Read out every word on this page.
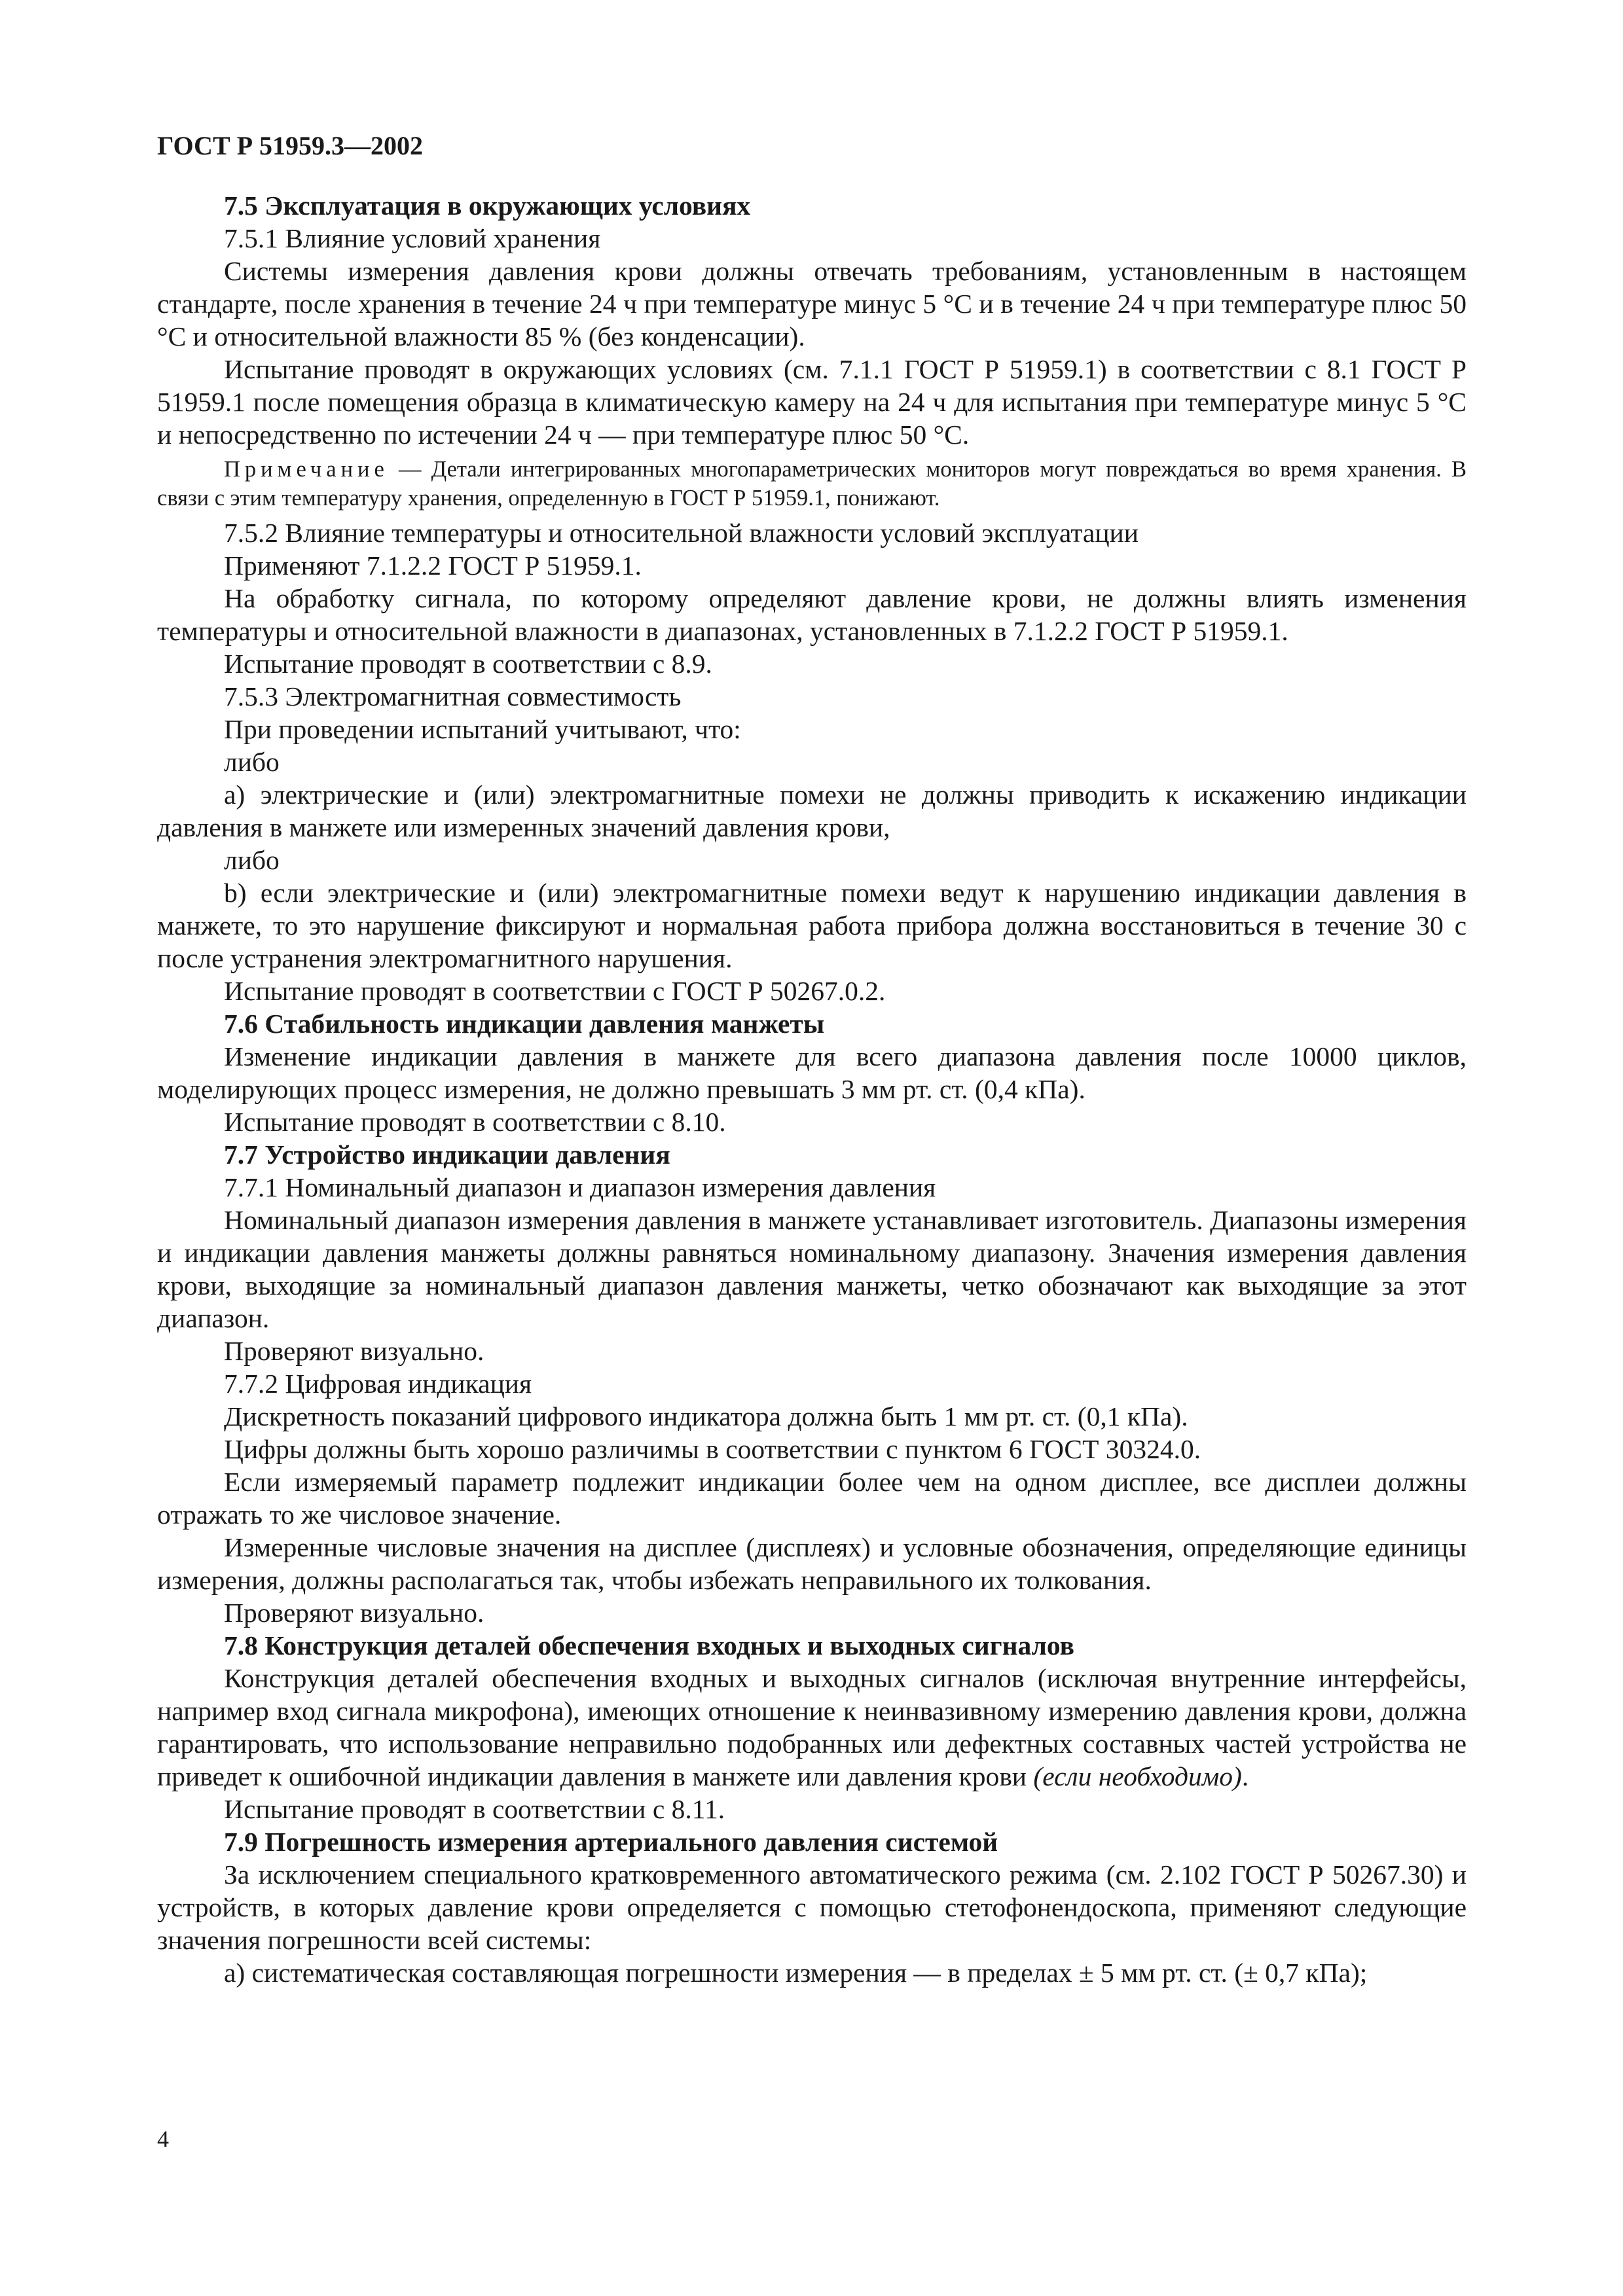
ГОСТ Р 51959.3—2002

7.5 Эксплуатация в окружающих условиях

7.5.1 Влияние условий хранения

Системы измерения давления крови должны отвечать требованиям, установленным в настоящем стандарте, после хранения в течение 24 ч при температуре минус 5 °С и в течение 24 ч при температуре плюс 50 °С и относительной влажности 85 % (без конденсации).

Испытание проводят в окружающих условиях (см. 7.1.1 ГОСТ Р 51959.1) в соответствии с 8.1 ГОСТ Р 51959.1 после помещения образца в климатическую камеру на 24 ч для испытания при температуре минус 5 °С и непосредственно по истечении 24 ч — при температуре плюс 50 °С.

Примечание — Детали интегрированных многопараметрических мониторов могут повреждаться во время хранения. В связи с этим температуру хранения, определенную в ГОСТ Р 51959.1, понижают.

7.5.2 Влияние температуры и относительной влажности условий эксплуатации

Применяют 7.1.2.2 ГОСТ Р 51959.1.

На обработку сигнала, по которому определяют давление крови, не должны влиять изменения температуры и относительной влажности в диапазонах, установленных в 7.1.2.2 ГОСТ Р 51959.1.

Испытание проводят в соответствии с 8.9.

7.5.3 Электромагнитная совместимость

При проведении испытаний учитывают, что:

либо

а) электрические и (или) электромагнитные помехи не должны приводить к искажению индикации давления в манжете или измеренных значений давления крови,

либо

b) если электрические и (или) электромагнитные помехи ведут к нарушению индикации давления в манжете, то это нарушение фиксируют и нормальная работа прибора должна восстановиться в течение 30 с после устранения электромагнитного нарушения.

Испытание проводят в соответствии с ГОСТ Р 50267.0.2.

7.6 Стабильность индикации давления манжеты

Изменение индикации давления в манжете для всего диапазона давления после 10000 циклов, моделирующих процесс измерения, не должно превышать 3 мм рт. ст. (0,4 кПа).

Испытание проводят в соответствии с 8.10.

7.7 Устройство индикации давления

7.7.1 Номинальный диапазон и диапазон измерения давления

Номинальный диапазон измерения давления в манжете устанавливает изготовитель. Диапазоны измерения и индикации давления манжеты должны равняться номинальному диапазону. Значения измерения давления крови, выходящие за номинальный диапазон давления манжеты, четко обозначают как выходящие за этот диапазон.

Проверяют визуально.

7.7.2 Цифровая индикация

Дискретность показаний цифрового индикатора должна быть 1 мм рт. ст. (0,1 кПа).

Цифры должны быть хорошо различимы в соответствии с пунктом 6 ГОСТ 30324.0.

Если измеряемый параметр подлежит индикации более чем на одном дисплее, все дисплеи должны отражать то же числовое значение.

Измеренные числовые значения на дисплее (дисплеях) и условные обозначения, определяющие единицы измерения, должны располагаться так, чтобы избежать неправильного их толкования.

Проверяют визуально.

7.8 Конструкция деталей обеспечения входных и выходных сигналов

Конструкция деталей обеспечения входных и выходных сигналов (исключая внутренние интерфейсы, например вход сигнала микрофона), имеющих отношение к неинвазивному измерению давления крови, должна гарантировать, что использование неправильно подобранных или дефектных составных частей устройства не приведет к ошибочной индикации давления в манжете или давления крови (если необходимо).

Испытание проводят в соответствии с 8.11.

7.9 Погрешность измерения артериального давления системой

За исключением специального кратковременного автоматического режима (см. 2.102 ГОСТ Р 50267.30) и устройств, в которых давление крови определяется с помощью стетофонендоскопа, применяют следующие значения погрешности всей системы:

а) систематическая составляющая погрешности измерения — в пределах ± 5 мм рт. ст. (± 0,7 кПа);

4
